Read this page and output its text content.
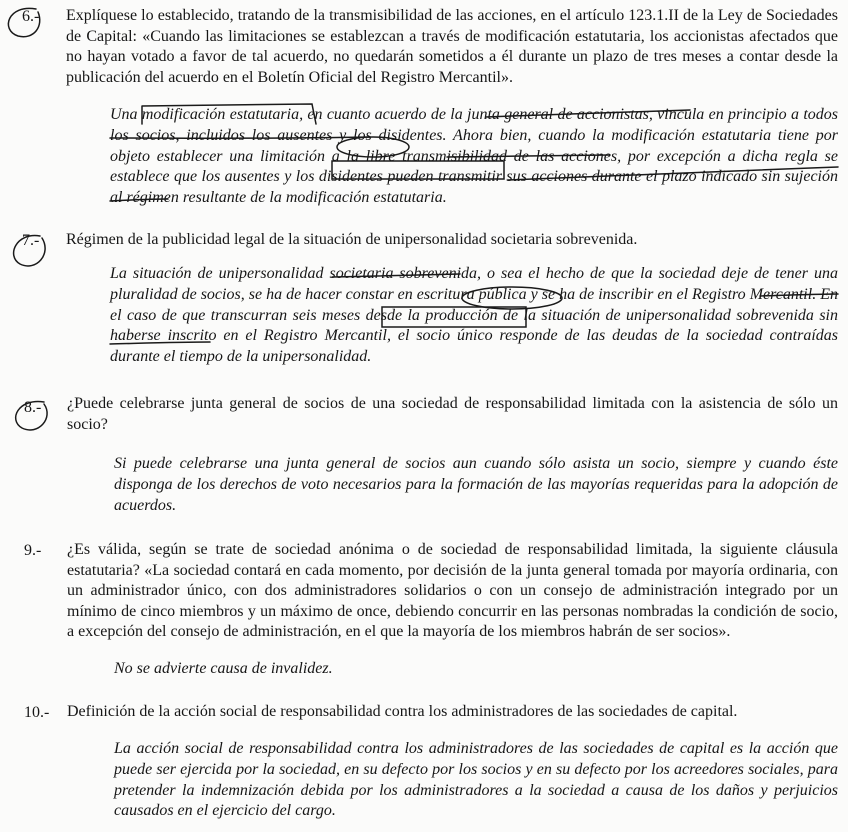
6.- Explíquese lo establecido, tratando de la transmisibilidad de las acciones, en el artículo 123.1.II de la Ley de Sociedades de Capital: «Cuando las limitaciones se establezcan a través de modificación estatutaria, los accionistas afectados que no hayan votado a favor de tal acuerdo, no quedarán sometidos a él durante un plazo de tres meses a contar desde la publicación del acuerdo en el Boletín Oficial del Registro Mercantil».
Una modificación estatutaria, en cuanto acuerdo de la junta general de accionistas, vincula en principio a todos los socios, incluidos los ausentes y los disidentes. Ahora bien, cuando la modificación estatutaria tiene por objeto establecer una limitación a la libre transmisibilidad de las acciones, por excepción a dicha regla se establece que los ausentes y los disidentes pueden transmitir sus acciones durante el plazo indicado sin sujeción al régimen resultante de la modificación estatutaria.
7.- Régimen de la publicidad legal de la situación de unipersonalidad societaria sobrevenida.
La situación de unipersonalidad societaria sobrevenida, o sea el hecho de que la sociedad deje de tener una pluralidad de socios, se ha de hacer constar en escritura pública y se ha de inscribir en el Registro Mercantil. En el caso de que transcurran seis meses desde la producción de la situación de unipersonalidad sobrevenida sin haberse inscrito en el Registro Mercantil, el socio único responde de las deudas de la sociedad contraídas durante el tiempo de la unipersonalidad.
8.- ¿Puede celebrarse junta general de socios de una sociedad de responsabilidad limitada con la asistencia de sólo un socio?
Si puede celebrarse una junta general de socios aun cuando sólo asista un socio, siempre y cuando éste disponga de los derechos de voto necesarios para la formación de las mayorías requeridas para la adopción de acuerdos.
9.- ¿Es válida, según se trate de sociedad anónima o de sociedad de responsabilidad limitada, la siguiente cláusula estatutaria? «La sociedad contará en cada momento, por decisión de la junta general tomada por mayoría ordinaria, con un administrador único, con dos administradores solidarios o con un consejo de administración integrado por un mínimo de cinco miembros y un máximo de once, debiendo concurrir en las personas nombradas la condición de socio, a excepción del consejo de administración, en el que la mayoría de los miembros habrán de ser socios».
No se advierte causa de invalidez.
10.- Definición de la acción social de responsabilidad contra los administradores de las sociedades de capital.
La acción social de responsabilidad contra los administradores de las sociedades de capital es la acción que puede ser ejercida por la sociedad, en su defecto por los socios y en su defecto por los acreedores sociales, para pretender la indemnización debida por los administradores a la sociedad a causa de los daños y perjuicios causados en el ejercicio del cargo.
